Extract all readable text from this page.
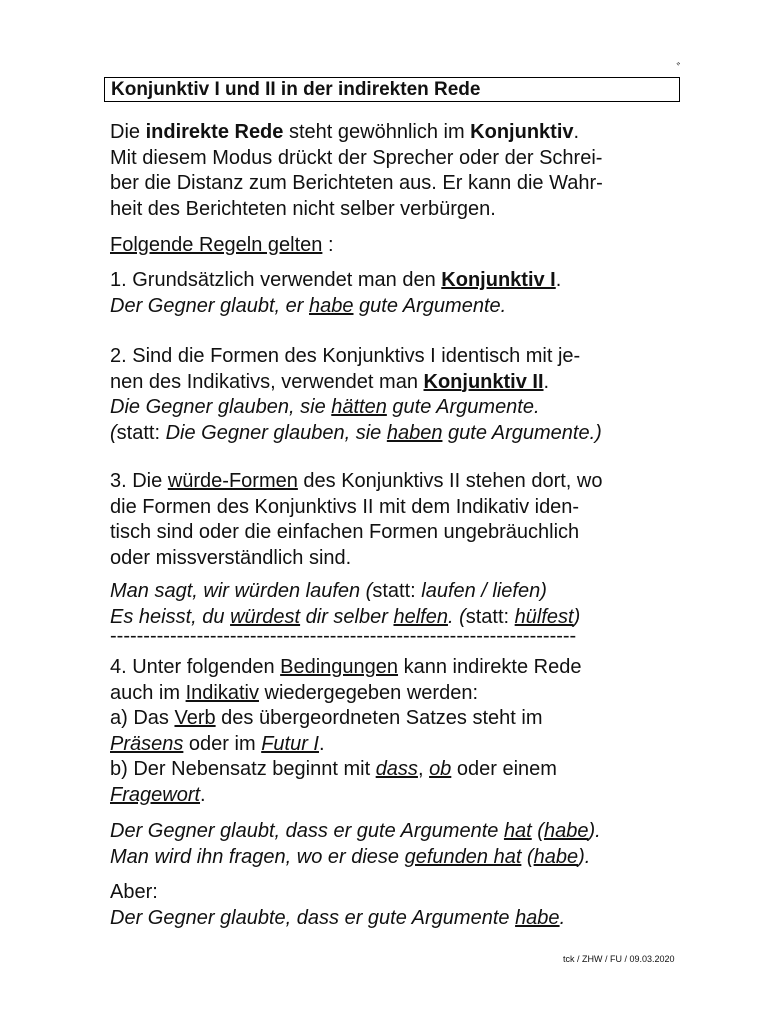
ﾞ
Konjunktiv I und II in der indirekten Rede
Die indirekte Rede steht gewöhnlich im Konjunktiv.
Mit diesem Modus drückt der Sprecher oder der Schrei-
ber die Distanz zum Berichteten aus. Er kann die Wahr-
heit des Berichteten nicht selber verbürgen.
Folgende Regeln gelten :
1. Grundsätzlich verwendet man den Konjunktiv I.
Der Gegner glaubt, er habe gute Argumente.
2. Sind die Formen des Konjunktivs I identisch mit je-
nen des Indikativs, verwendet man Konjunktiv II.
Die Gegner glauben, sie hätten gute Argumente.
(statt: Die Gegner glauben, sie haben gute Argumente.)
3. Die würde-Formen des Konjunktivs II stehen dort, wo
die Formen des Konjunktivs II mit dem Indikativ iden-
tisch sind oder die einfachen Formen ungebräuchlich
oder missverständlich sind.
Man sagt, wir würden laufen (statt: laufen / liefen)
Es heisst, du würdest dir selber helfen. (statt: hülfest)
----------------------------------------------------------------------
4. Unter folgenden Bedingungen kann indirekte Rede
auch im Indikativ wiedergegeben werden:
a) Das Verb des übergeordneten Satzes steht im
Präsens oder im Futur I.
b) Der Nebensatz beginnt mit dass, ob oder einem
Fragewort.
Der Gegner glaubt, dass er gute Argumente hat (habe).
Man wird ihn fragen, wo er diese gefunden hat (habe).
Aber:
Der Gegner glaubte, dass er gute Argumente habe.
tck / ZHW / FU / 09.03.2020
